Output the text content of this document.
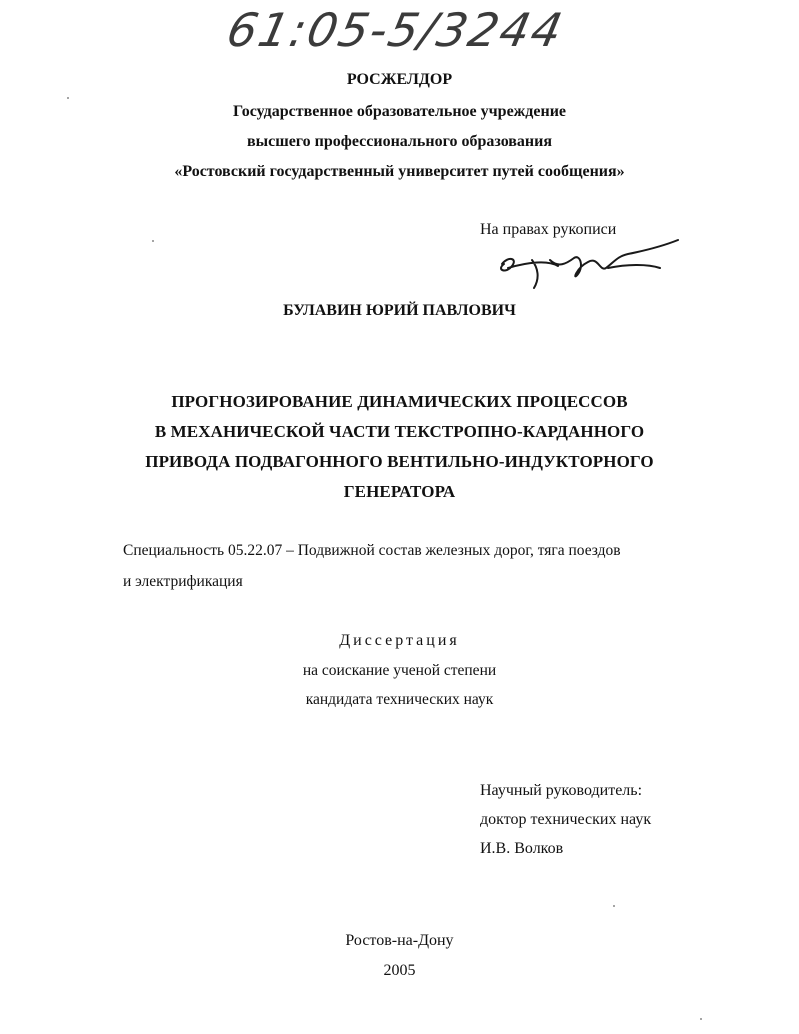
61:05-5/3244
РОСЖЕЛДОР
Государственное образовательное учреждение
высшего профессионального образования
«Ростовский государственный университет путей сообщения»
На правах рукописи
БУЛАВИН ЮРИЙ ПАВЛОВИЧ
ПРОГНОЗИРОВАНИЕ ДИНАМИЧЕСКИХ ПРОЦЕССОВ
В МЕХАНИЧЕСКОЙ ЧАСТИ ТЕКСТРОПНО-КАРДАННОГО
ПРИВОДА ПОДВАГОННОГО ВЕНТИЛЬНО-ИНДУКТОРНОГО
ГЕНЕРАТОРА
Специальность 05.22.07 – Подвижной состав железных дорог, тяга поездов
и электрификация
Диссертация
на соискание ученой степени
кандидата технических наук
Научный руководитель:
доктор технических наук
И.В. Волков
Ростов-на-Дону
2005
